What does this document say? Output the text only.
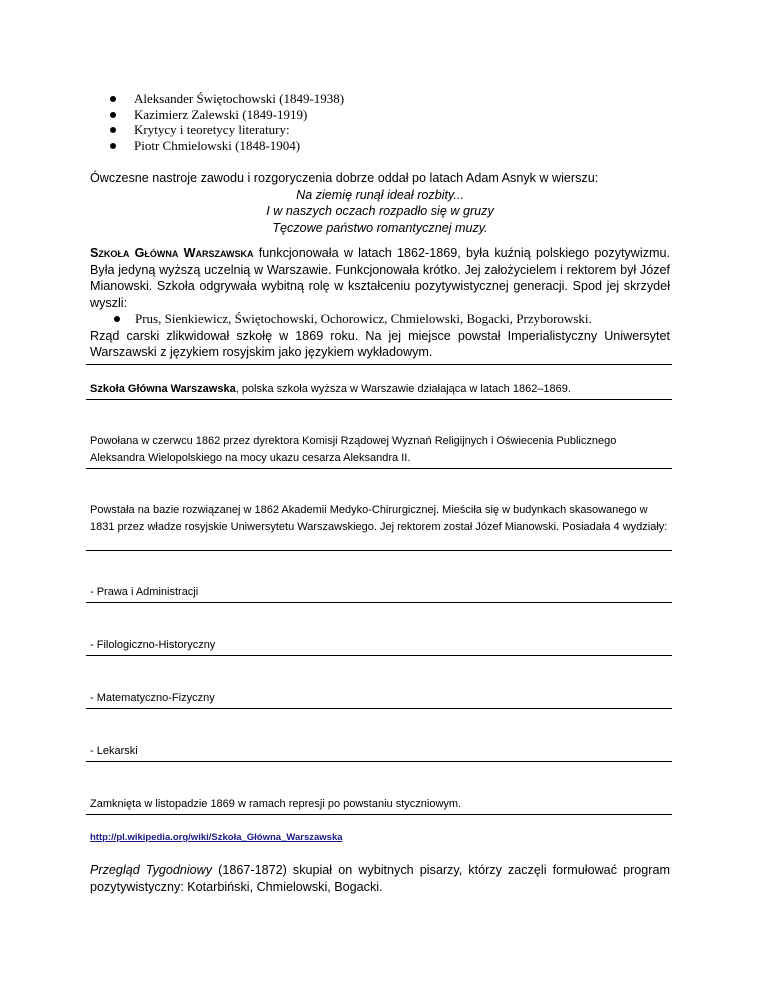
Aleksander Świętochowski (1849-1938)
Kazimierz Zalewski (1849-1919)
Krytycy i teoretycy literatury:
Piotr Chmielowski (1848-1904)

Ówczesne nastroje zawodu i rozgoryczenia dobrze oddał po latach Adam Asnyk w wierszu:

Na ziemię runął ideał rozbity...

I w naszych oczach rozpadło się w gruzy

Tęczowe państwo romantycznej muzy.

Szkoła Główna Warszawska funkcjonowała w latach 1862-1869, była kuźnią polskiego pozytywizmu. Była jedyną wyższą uczelnią w Warszawie. Funkcjonowała krótko. Jej założycielem i rektorem był Józef Mianowski. Szkoła odgrywała wybitną rolę w kształceniu pozytywistycznej generacji. Spod jej skrzydeł wyszli:

Prus, Sienkiewicz, Świętochowski, Ochorowicz, Chmielowski, Bogacki, Przyborowski.

Rząd carski zlikwidował szkołę w 1869 roku. Na jej miejsce powstał Imperialistyczny Uniwersytet Warszawski z językiem rosyjskim jako językiem wykładowym.

Szkoła Główna Warszawska, polska szkoła wyższa w Warszawie działająca w latach 1862–1869.
Powołana w czerwcu 1862 przez dyrektora Komisji Rządowej Wyznań Religijnych i Oświecenia Publicznego Aleksandra Wielopolskiego na mocy ukazu cesarza Aleksandra II.
Powstała na bazie rozwiązanej w 1862 Akademii Medyko-Chirurgicznej. Mieściła się w budynkach skasowanego w 1831 przez władze rosyjskie Uniwersytetu Warszawskiego. Jej rektorem został Józef Mianowski. Posiadała 4 wydziały:
- Prawa i Administracji
- Filologiczno-Historyczny
- Matematyczno-Fizyczny
- Lekarski
Zamknięta w listopadzie 1869 w ramach represji po powstaniu styczniowym.
http://pl.wikipedia.org/wiki/Szkoła_Główna_Warszawska

Przegląd Tygodniowy (1867-1872) skupiał on wybitnych pisarzy, którzy zaczęli formułować program pozytywistyczny: Kotarbiński, Chmielowski, Bogacki.
